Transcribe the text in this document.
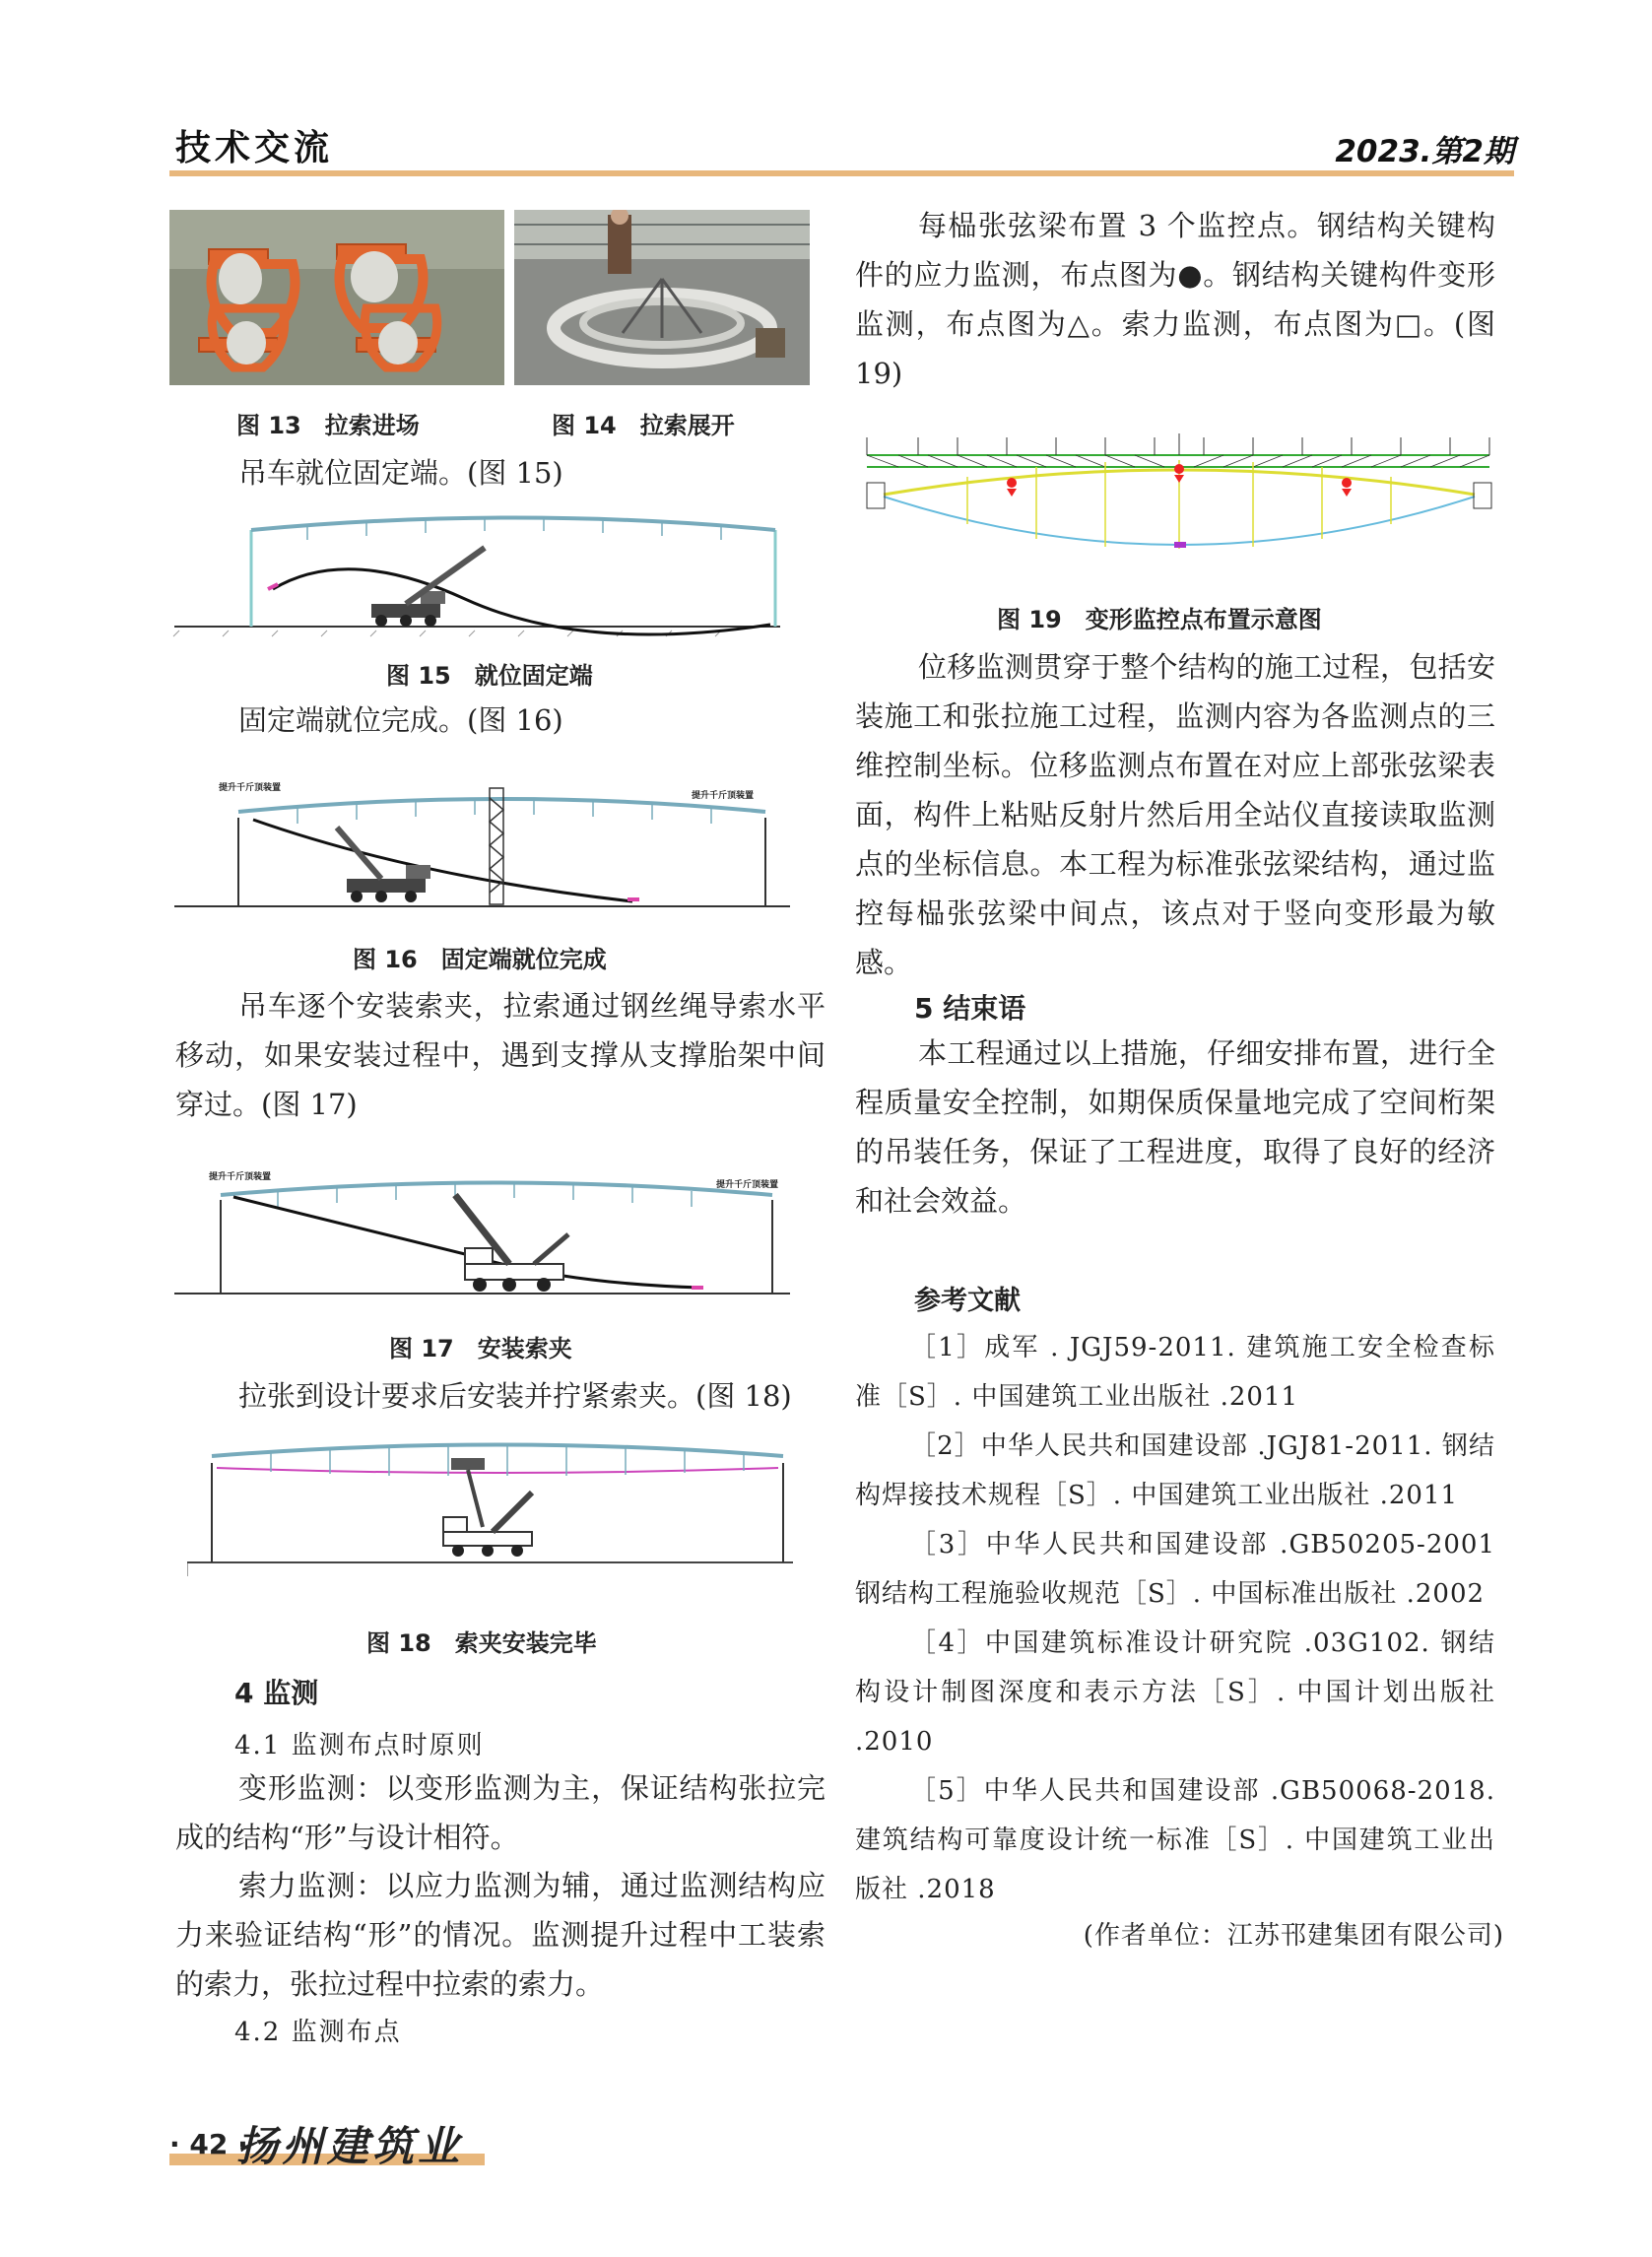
技术交流	2023.第2期
图 13　拉索进场	图 14　拉索展开

吊车就位固定端。(图 15)

图 15　就位固定端

固定端就位完成。(图 16)

提升千斤顶装置
提升千斤顶装置
图 16　固定端就位完成

吊车逐个安装索夹，拉索通过钢丝绳导索水平移动，如果安装过程中，遇到支撑从支撑胎架中间穿过。(图 17)

提升千斤顶装置
提升千斤顶装置
图 17　安装索夹

拉张到设计要求后安装并拧紧索夹。(图 18)

图 18　索夹安装完毕
4 监测
4.1 监测布点时原则

变形监测：以变形监测为主，保证结构张拉完成的结构“形”与设计相符。

索力监测：以应力监测为辅，通过监测结构应力来验证结构“形”的情况。监测提升过程中工装索的索力，张拉过程中拉索的索力。

4.2 监测布点

每榀张弦梁布置 3 个监控点。钢结构关键构件的应力监测，布点图为●。钢结构关键构件变形监测，布点图为△。索力监测，布点图为□。(图 19)

图 19　变形监控点布置示意图

位移监测贯穿于整个结构的施工过程，包括安装施工和张拉施工过程，监测内容为各监测点的三维控制坐标。位移监测点布置在对应上部张弦梁表面，构件上粘贴反射片然后用全站仪直接读取监测点的坐标信息。本工程为标准张弦梁结构，通过监控每榀张弦梁中间点，该点对于竖向变形最为敏感。

5 结束语

本工程通过以上措施，仔细安排布置，进行全程质量安全控制，如期保质保量地完成了空间桁架的吊装任务，保证了工程进度，取得了良好的经济和社会效益。

参考文献

［1］成军 . JGJ59-2011. 建筑施工安全检查标准［S］. 中国建筑工业出版社 .2011

［2］中华人民共和国建设部 .JGJ81-2011. 钢结构焊接技术规程［S］. 中国建筑工业出版社 .2011

［3］中华人民共和国建设部 .GB50205-2001 钢结构工程施验收规范［S］. 中国标准出版社 .2002

［4］中国建筑标准设计研究院 .03G102. 钢结构设计制图深度和表示方法［S］. 中国计划出版社 .2010

［5］中华人民共和国建设部 .GB50068-2018. 建筑结构可靠度设计统一标准［S］. 中国建筑工业出版社 .2018

(作者单位：江苏邗建集团有限公司)
· 42 ·
扬州建筑业
